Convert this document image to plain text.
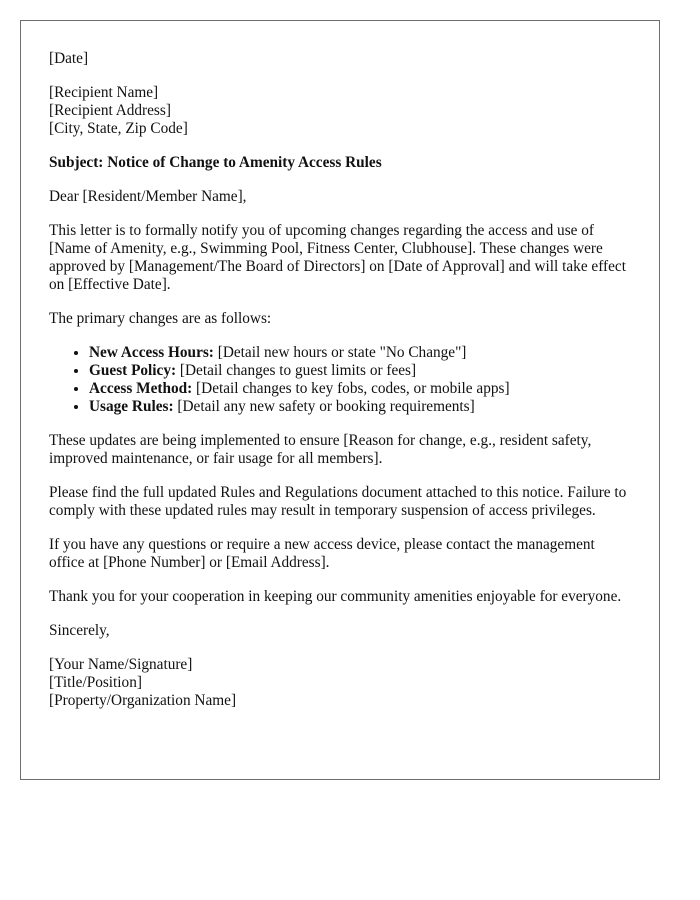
[Date]
[Recipient Name]
[Recipient Address]
[City, State, Zip Code]

Subject: Notice of Change to Amenity Access Rules

Dear [Resident/Member Name],

This letter is to formally notify you of upcoming changes regarding the access and use of [Name of Amenity, e.g., Swimming Pool, Fitness Center, Clubhouse]. These changes were approved by [Management/The Board of Directors] on [Date of Approval] and will take effect on [Effective Date].

The primary changes are as follows:

• New Access Hours: [Detail new hours or state "No Change"]
• Guest Policy: [Detail changes to guest limits or fees]
• Access Method: [Detail changes to key fobs, codes, or mobile apps]
• Usage Rules: [Detail any new safety or booking requirements]

These updates are being implemented to ensure [Reason for change, e.g., resident safety, improved maintenance, or fair usage for all members].

Please find the full updated Rules and Regulations document attached to this notice. Failure to comply with these updated rules may result in temporary suspension of access privileges.

If you have any questions or require a new access device, please contact the management office at [Phone Number] or [Email Address].

Thank you for your cooperation in keeping our community amenities enjoyable for everyone.

Sincerely,

[Your Name/Signature]
[Title/Position]
[Property/Organization Name]
